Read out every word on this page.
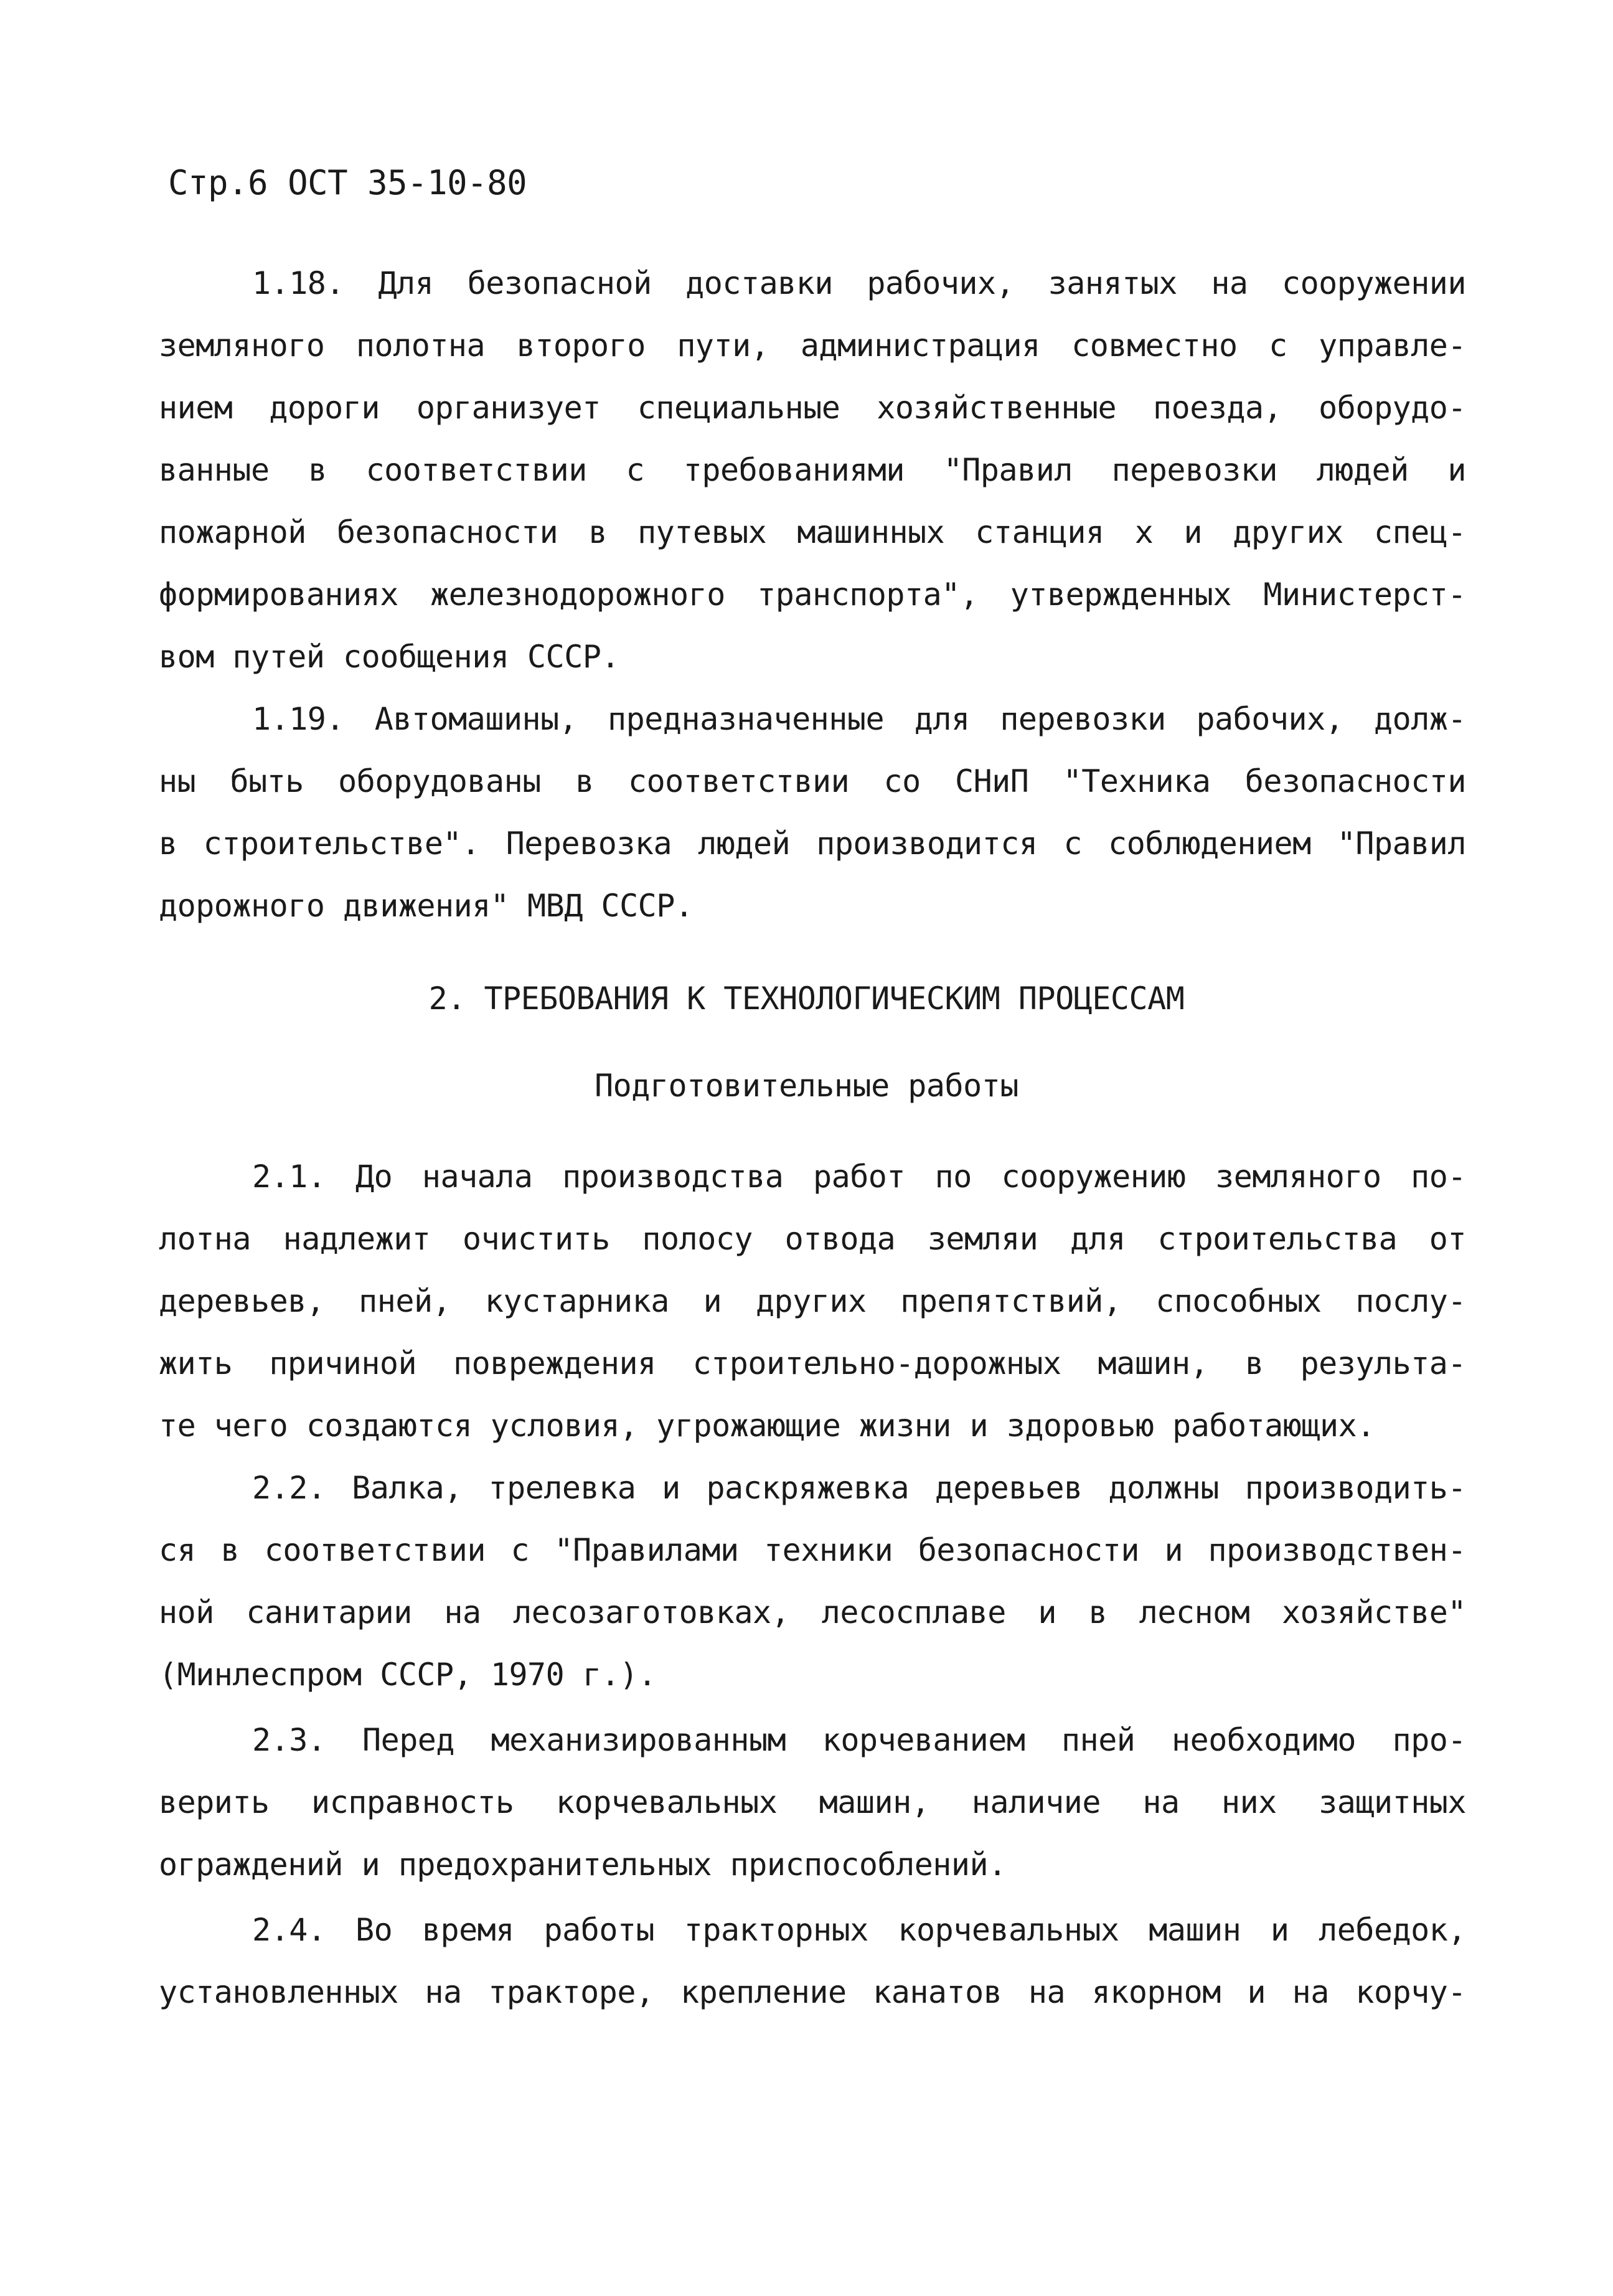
Стр.6 ОСТ 35-10-80
1.18. Для безопасной доставки рабочих, занятых на сооружении
земляного полотна второго пути, администрация совместно с управле-
нием дороги организует специальные хозяйственные поезда, оборудо-
ванные в соответствии с требованиями "Правил перевозки людей и
пожарной безопасности в путевых машинных станция х и других спец-
формированиях железнодорожного транспорта", утвержденных Министерст-
вом путей сообщения СССР.
1.19. Автомашины, предназначенные для перевозки рабочих, долж-
ны быть оборудованы в соответствии со СНиП "Техника безопасности
в строительстве". Перевозка людей производится с соблюдением "Правил
дорожного движения" МВД СССР.
2. ТРЕБОВАНИЯ К ТЕХНОЛОГИЧЕСКИМ ПРОЦЕССАМ
Подготовительные работы
2.1. До начала производства работ по сооружению земляного по-
лотна надлежит очистить полосу отвода земляи для строительства от
деревьев, пней, кустарника и других препятствий, способных послу-
жить причиной повреждения строительно-дорожных машин, в результа-
те чего создаются условия, угрожающие жизни и здоровью работающих.
2.2. Валка, трелевка и раскряжевка деревьев должны производить-
ся в соответствии с "Правилами техники безопасности и производствен-
ной санитарии на лесозаготовках, лесосплаве и в лесном хозяйстве"
(Минлеспром СССР, 1970 г.).
2.3. Перед механизированным корчеванием пней необходимо про-
верить исправность корчевальных машин, наличие на них защитных
ограждений и предохранительных приспособлений.
2.4. Во время работы тракторных корчевальных машин и лебедок,
установленных на тракторе, крепление канатов на якорном и на корчу-
